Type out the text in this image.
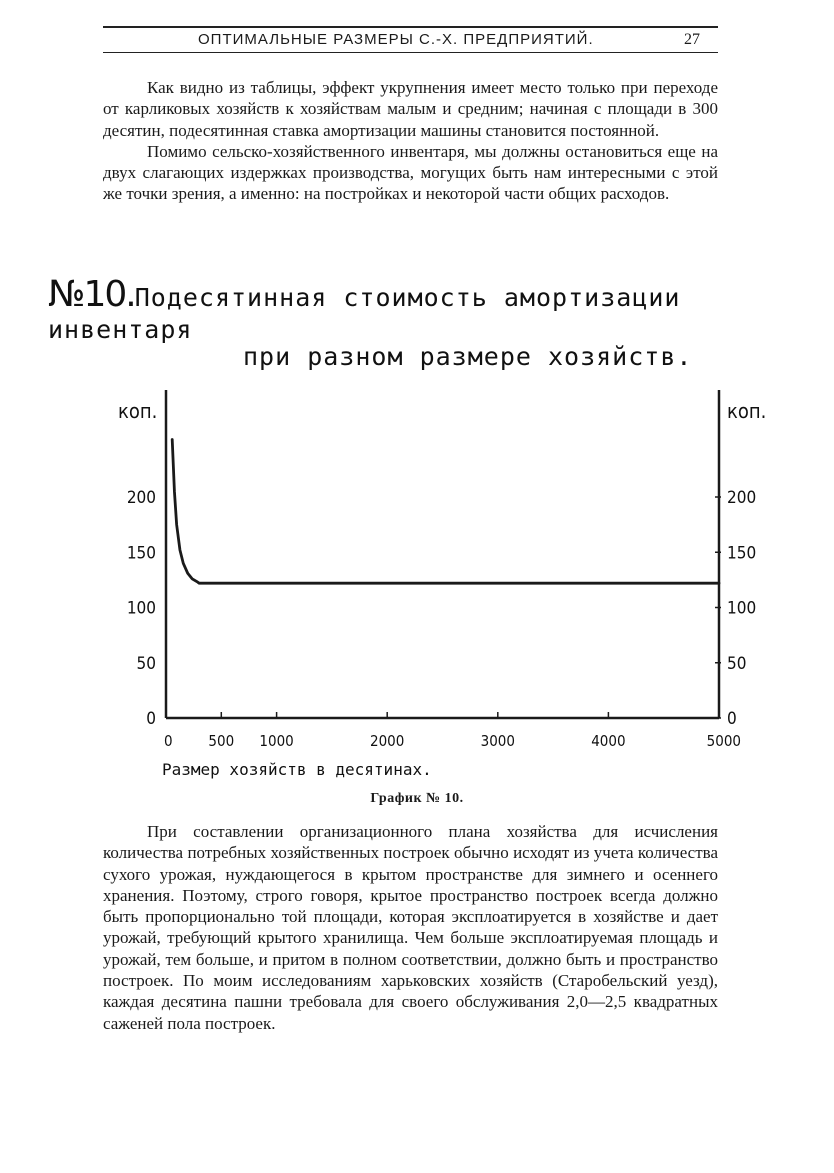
ОПТИМАЛЬНЫЕ РАЗМЕРЫ С.-Х. ПРЕДПРИЯТИЙ.	27

Как видно из таблицы, эффект укрупнения имеет место только при переходе от карликовых хозяйств к хозяйствам малым и средним; начиная с площади в 300 десятин, подесятинная ставка амортизации машины становится постоянной.

Помимо сельско-хозяйственного инвентаря, мы должны остановиться еще на двух слагающих издержках производства, могущих быть нам интересными с этой же точки зрения, а именно: на постройках и некоторой части общих расходов.

№10.Подесятинная стоимость амортизации инвентаря
при разном размере хозяйств.
коп.	коп.
0	0
50	50
100	100
150	150
200	200
0 500 1000	2000	3000	4000	5000
Размер хозяйств в десятинах.
График № 10.

При составлении организационного плана хозяйства для исчисления количества потребных хозяйственных построек обычно исходят из учета количества сухого урожая, нуждающегося в крытом пространстве для зимнего и осеннего хранения. Поэтому, строго говоря, крытое пространство построек всегда должно быть пропорционально той площади, которая эксплоатируется в хозяйстве и дает урожай, требующий крытого хранилища. Чем больше эксплоатируемая площадь и урожай, тем больше, и притом в полном соответствии, должно быть и пространство построек. По моим исследованиям харьковских хозяйств (Старобельский уезд), каждая десятина пашни требовала для своего обслуживания 2,0—2,5 квадратных саженей пола построек.
